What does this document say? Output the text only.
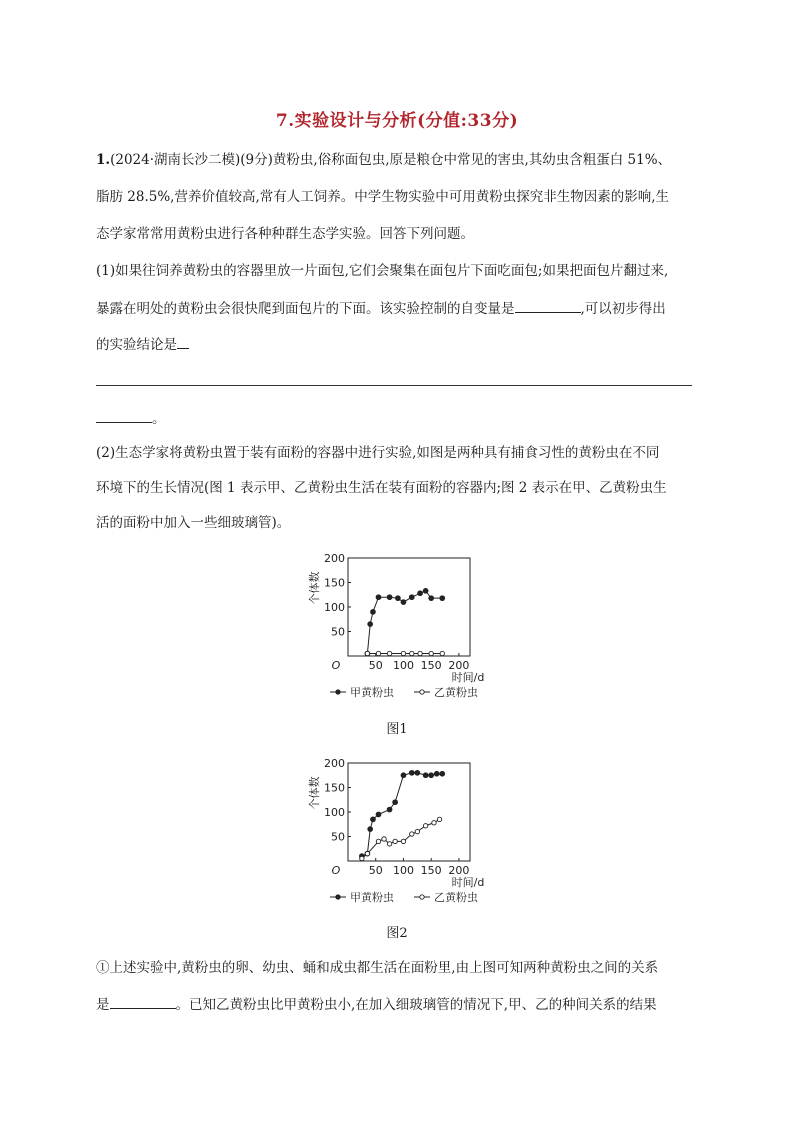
7.实验设计与分析(分值:33分)
1.(2024·湖南长沙二模)(9分)黄粉虫,俗称面包虫,原是粮仓中常见的害虫,其幼虫含粗蛋白 51%、
脂肪 28.5%,营养价值较高,常有人工饲养。中学生物实验中可用黄粉虫探究非生物因素的影响,生
态学家常常用黄粉虫进行各种种群生态学实验。回答下列问题。
(1)如果往饲养黄粉虫的容器里放一片面包,它们会聚集在面包片下面吃面包;如果把面包片翻过来,
暴露在明处的黄粉虫会很快爬到面包片的下面。该实验控制的自变量是	,可以初步得出
的实验结论是
。
(2)生态学家将黄粉虫置于装有面粉的容器中进行实验,如图是两种具有捕食习性的黄粉虫在不同
环境下的生长情况(图 1 表示甲、乙黄粉虫生活在装有面粉的容器内;图 2 表示在甲、乙黄粉虫生
活的面粉中加入一些细玻璃管)。
50
100
150
200
50 100 150 200
O
时间/d
个体数
甲黄粉虫	乙黄粉虫
图1
50
100
150
200
50 100 150 200
O
时间/d
个体数
甲黄粉虫	乙黄粉虫
图2
①上述实验中,黄粉虫的卵、幼虫、蛹和成虫都生活在面粉里,由上图可知两种黄粉虫之间的关系
是	。已知乙黄粉虫比甲黄粉虫小,在加入细玻璃管的情况下,甲、乙的种间关系的结果
